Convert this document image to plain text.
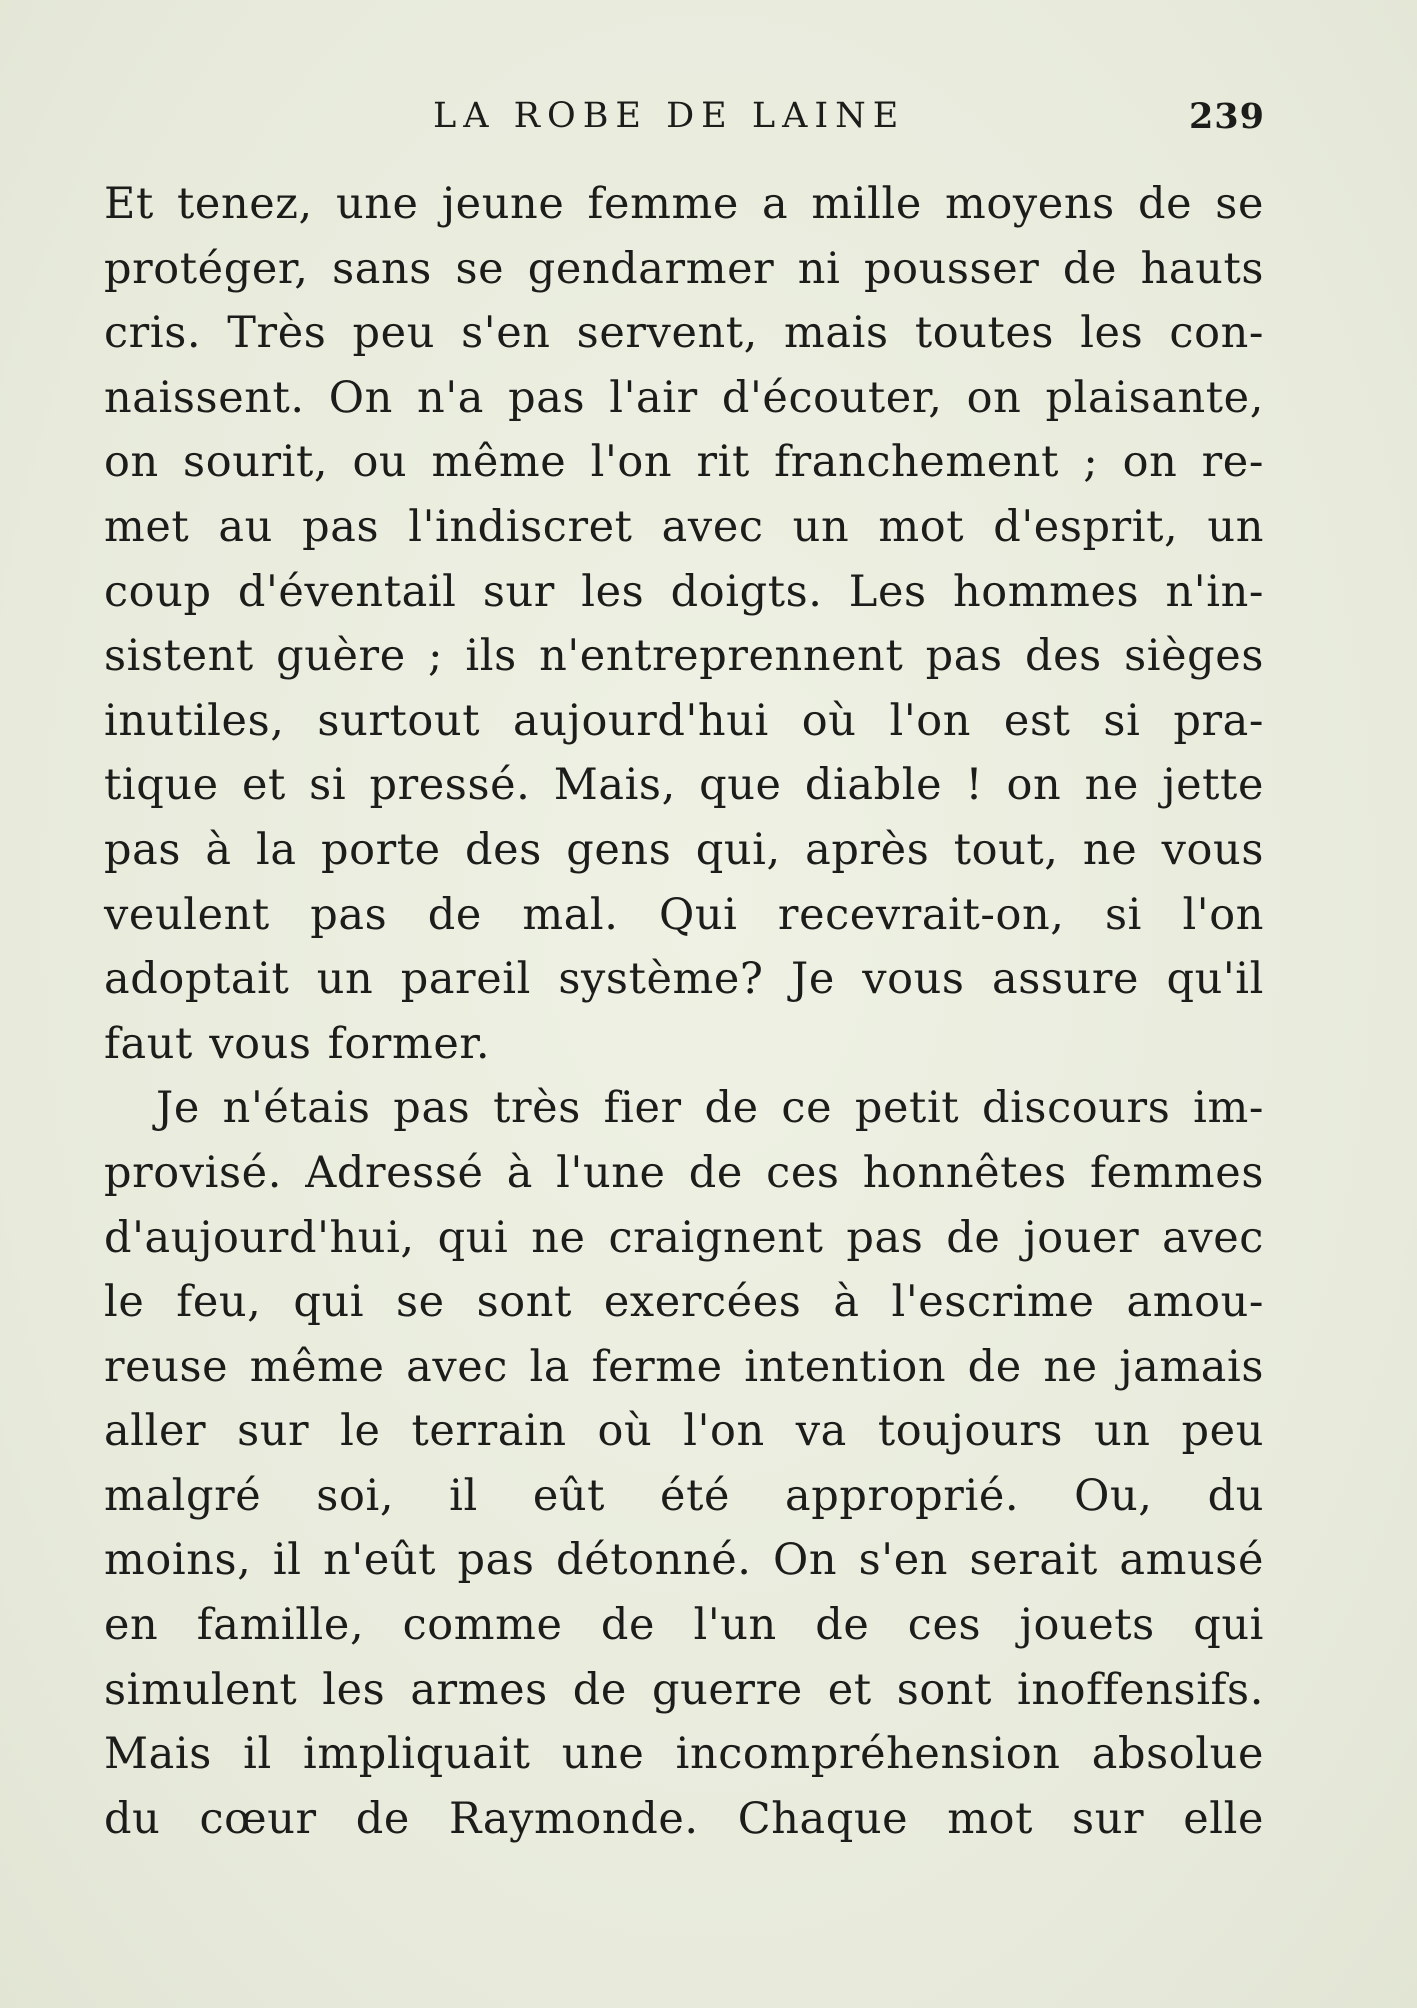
LA ROBE DE LAINE	239
Et tenez, une jeune femme a mille moyens de se
protéger, sans se gendarmer ni pousser de hauts
cris. Très peu s'en servent, mais toutes les con-
naissent. On n'a pas l'air d'écouter, on plaisante,
on sourit, ou même l'on rit franchement ; on re-
met au pas l'indiscret avec un mot d'esprit, un
coup d'éventail sur les doigts. Les hommes n'in-
sistent guère ; ils n'entreprennent pas des sièges
inutiles, surtout aujourd'hui où l'on est si pra-
tique et si pressé. Mais, que diable ! on ne jette
pas à la porte des gens qui, après tout, ne vous
veulent pas de mal. Qui recevrait-on, si l'on
adoptait un pareil système? Je vous assure qu'il
faut vous former.
Je n'étais pas très fier de ce petit discours im-
provisé. Adressé à l'une de ces honnêtes femmes
d'aujourd'hui, qui ne craignent pas de jouer avec
le feu, qui se sont exercées à l'escrime amou-
reuse même avec la ferme intention de ne jamais
aller sur le terrain où l'on va toujours un peu
malgré soi, il eût été approprié. Ou, du
moins, il n'eût pas détonné. On s'en serait amusé
en famille, comme de l'un de ces jouets qui
simulent les armes de guerre et sont inoffensifs.
Mais il impliquait une incompréhension absolue
du cœur de Raymonde. Chaque mot sur elle
